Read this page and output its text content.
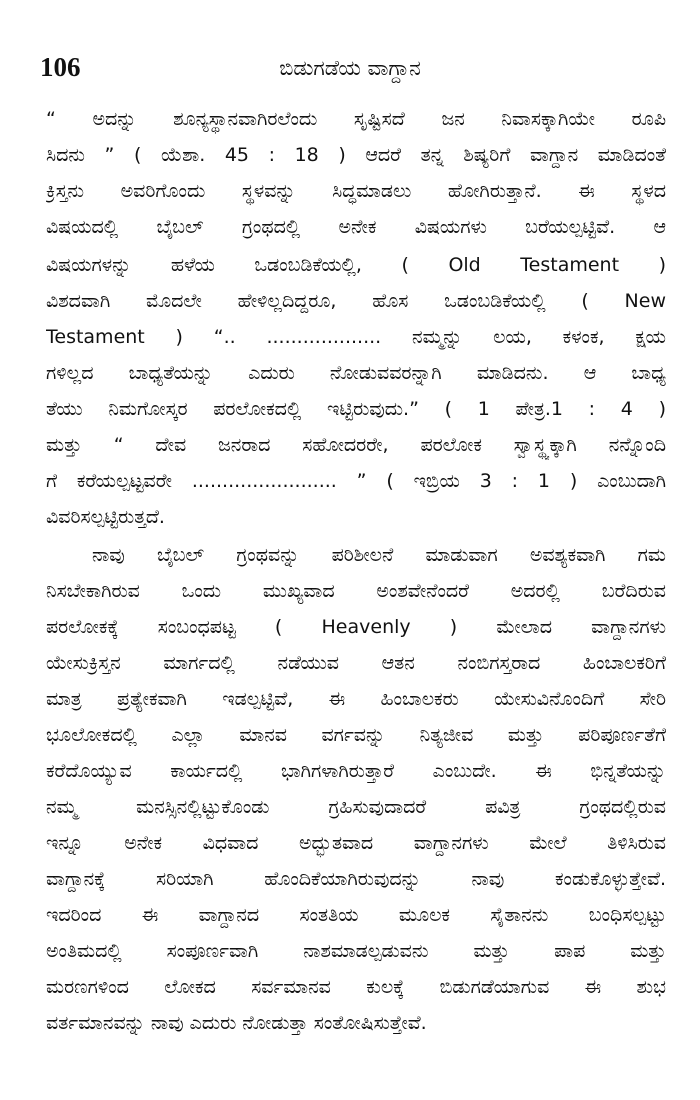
106	ಬಿಡುಗಡೆಯ ವಾಗ್ದಾನ
“ ಅದನ್ನು ಶೂನ್ಯಸ್ಥಾನವಾಗಿರಲೆಂದು ಸೃಷ್ಟಿಸದೆ ಜನ ನಿವಾಸಕ್ಕಾಗಿಯೇ ರೂಪಿ
ಸಿದನು ” ( ಯೆಶಾ. 45 : 18 ) ಆದರೆ ತನ್ನ ಶಿಷ್ಯರಿಗೆ ವಾಗ್ದಾನ ಮಾಡಿದಂತೆ
ಕ್ರಿಸ್ತನು ಅವರಿಗೊಂದು ಸ್ಥಳವನ್ನು ಸಿದ್ಧಮಾಡಲು ಹೋಗಿರುತ್ತಾನೆ. ಈ ಸ್ಥಳದ
ವಿಷಯದಲ್ಲಿ ಬೈಬಲ್ ಗ್ರಂಥದಲ್ಲಿ ಅನೇಕ ವಿಷಯಗಳು ಬರೆಯಲ್ಪಟ್ಟಿವೆ. ಆ
ವಿಷಯಗಳನ್ನು ಹಳೆಯ ಒಡಂಬಡಿಕೆಯಲ್ಲಿ, ( Old Testament )
ವಿಶದವಾಗಿ ಮೊದಲೇ ಹೇಳಿಲ್ಲದಿದ್ದರೂ, ಹೊಸ ಒಡಂಬಡಿಕೆಯಲ್ಲಿ ( New
Testament ) “.. ................... ನಮ್ಮನ್ನು ಲಯ, ಕಳಂಕ, ಕ್ಷಯ
ಗಳಿಲ್ಲದ ಬಾಧ್ಯತೆಯನ್ನು ಎದುರು ನೋಡುವವರನ್ನಾಗಿ ಮಾಡಿದನು. ಆ ಬಾಧ್ಯ
ತೆಯು ನಿಮಗೋಸ್ಕರ ಪರಲೋಕದಲ್ಲಿ ಇಟ್ಟಿರುವುದು.” ( 1 ಪೇತ್ರ.1 : 4 )
ಮತ್ತು “ ದೇವ ಜನರಾದ ಸಹೋದರರೇ, ಪರಲೋಕ ಸ್ವಾಸ್ಥ್ಯಕ್ಕಾಗಿ ನನ್ನೊಂದಿ
ಗೆ ಕರೆಯಲ್ಪಟ್ಟವರೇ ........................ ” ( ಇಬ್ರಿಯ 3 : 1 ) ಎಂಬುದಾಗಿ
ವಿವರಿಸಲ್ಪಟ್ಟಿರುತ್ತದೆ.
ನಾವು ಬೈಬಲ್ ಗ್ರಂಥವನ್ನು ಪರಿಶೀಲನೆ ಮಾಡುವಾಗ ಅವಶ್ಯಕವಾಗಿ ಗಮ
ನಿಸಬೇಕಾಗಿರುವ ಒಂದು ಮುಖ್ಯವಾದ ಅಂಶವೇನೆಂದರೆ ಅದರಲ್ಲಿ ಬರೆದಿರುವ
ಪರಲೋಕಕ್ಕೆ ಸಂಬಂಧಪಟ್ಟ ( Heavenly ) ಮೇಲಾದ ವಾಗ್ದಾನಗಳು
ಯೇಸುಕ್ರಿಸ್ತನ ಮಾರ್ಗದಲ್ಲಿ ನಡೆಯುವ ಆತನ ನಂಬಿಗಸ್ತರಾದ ಹಿಂಬಾಲಕರಿಗೆ
ಮಾತ್ರ ಪ್ರತ್ಯೇಕವಾಗಿ ಇಡಲ್ಪಟ್ಟಿವೆ, ಈ ಹಿಂಬಾಲಕರು ಯೇಸುವಿನೊಂದಿಗೆ ಸೇರಿ
ಭೂಲೋಕದಲ್ಲಿ ಎಲ್ಲಾ ಮಾನವ ವರ್ಗವನ್ನು ನಿತ್ಯಜೀವ ಮತ್ತು ಪರಿಪೂರ್ಣತೆಗೆ
ಕರೆದೊಯ್ಯುವ ಕಾರ್ಯದಲ್ಲಿ ಭಾಗಿಗಳಾಗಿರುತ್ತಾರೆ ಎಂಬುದೇ. ಈ ಭಿನ್ನತೆಯನ್ನು
ನಮ್ಮ ಮನಸ್ಸಿನಲ್ಲಿಟ್ಟುಕೊಂಡು ಗ್ರಹಿಸುವುದಾದರೆ ಪವಿತ್ರ ಗ್ರಂಥದಲ್ಲಿರುವ
ಇನ್ನೂ ಅನೇಕ ವಿಧವಾದ ಅದ್ಭುತವಾದ ವಾಗ್ದಾನಗಳು ಮೇಲೆ ತಿಳಿಸಿರುವ
ವಾಗ್ದಾನಕ್ಕೆ ಸರಿಯಾಗಿ ಹೊಂದಿಕೆಯಾಗಿರುವುದನ್ನು ನಾವು ಕಂಡುಕೊಳ್ಳುತ್ತೇವೆ.
ಇದರಿಂದ ಈ ವಾಗ್ದಾನದ ಸಂತತಿಯ ಮೂಲಕ ಸೈತಾನನು ಬಂಧಿಸಲ್ಪಟ್ಟು
ಅಂತಿಮದಲ್ಲಿ ಸಂಪೂರ್ಣವಾಗಿ ನಾಶಮಾಡಲ್ಪಡುವನು ಮತ್ತು ಪಾಪ ಮತ್ತು
ಮರಣಗಳಿಂದ ಲೋಕದ ಸರ್ವಮಾನವ ಕುಲಕ್ಕೆ ಬಿಡುಗಡೆಯಾಗುವ ಈ ಶುಭ
ವರ್ತಮಾನವನ್ನು ನಾವು ಎದುರು ನೋಡುತ್ತಾ ಸಂತೋಷಿಸುತ್ತೇವೆ.
